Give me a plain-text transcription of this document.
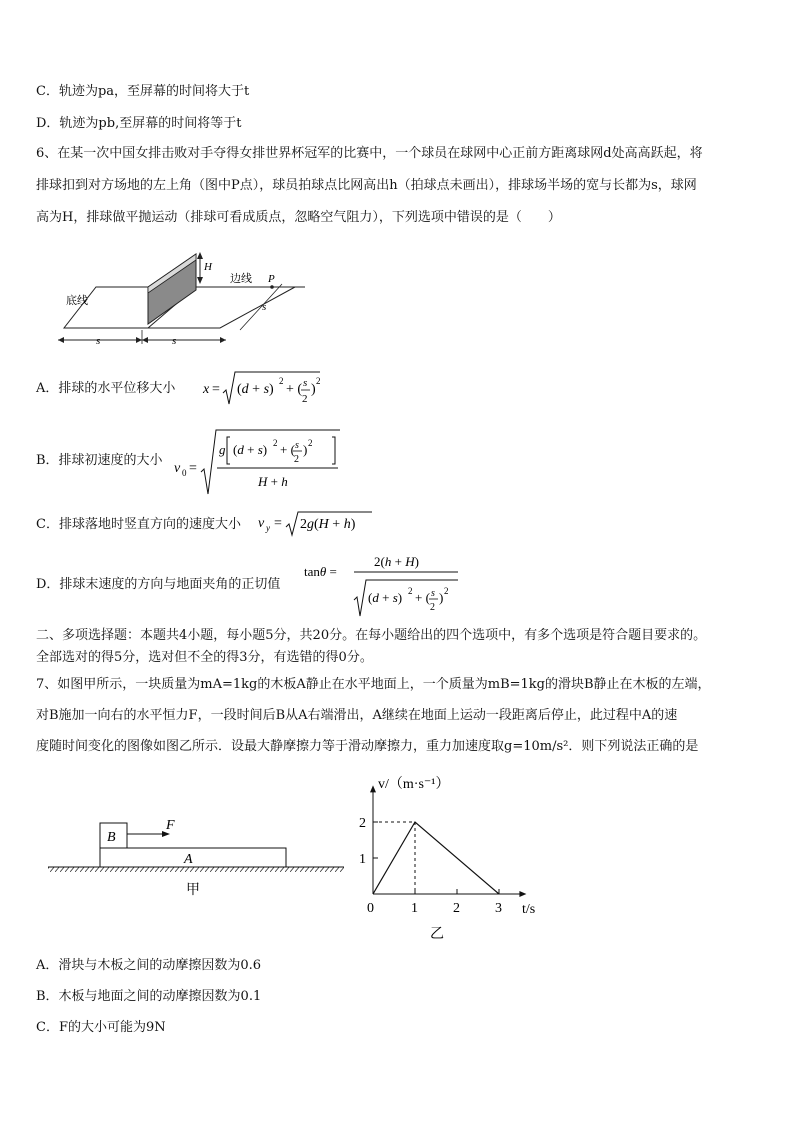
C．轨迹为pa，至屏幕的时间将大于t
D．轨迹为pb,至屏幕的时间将等于t
6、在某一次中国女排击败对手夺得女排世界杯冠军的比赛中，一个球员在球网中心正前方距离球网d处高高跃起，将
排球扣到对方场地的左上角（图中P点），球员拍球点比网高出h（拍球点未画出），排球场半场的宽与长都为s，球网
高为H，排球做平抛运动（排球可看成质点，忽略空气阻力），下列选项中错误的是（　　）
H
边线 P
底线	s
s	s
A．排球的水平位移大小 x = (d + s)
2
+ ( s
2
)
2
B．排球初速度的大小
v 0 =
g (d + s) 2 + ( s
2
) 2
H + h
C．排球落地时竖直方向的速度大小 v y = 2g(H + h)
D．排球末速度的方向与地面夹角的正切值
tanθ =
2(h + H)
(d + s) 2 + ( s
2
) 2
二、多项选择题：本题共4小题，每小题5分，共20分。在每小题给出的四个选项中，有多个选项是符合题目要求的。
全部选对的得5分，选对但不全的得3分，有选错的得0分。
7、如图甲所示，一块质量为mA=1kg的木板A静止在水平地面上，一个质量为mB=1kg的滑块B静止在木板的左端，
对B施加一向右的水平恒力F，一段时间后B从A右端滑出，A继续在地面上运动一段距离后停止，此过程中A的速
度随时间变化的图像如图乙所示．设最大静摩擦力等于滑动摩擦力，重力加速度取g=10m/s²．则下列说法正确的是
B
F
A
甲
v/（m·s⁻¹）
t/s
乙
0	1	2	3
1
2
A．滑块与木板之间的动摩擦因数为0.6
B．木板与地面之间的动摩擦因数为0.1
C．F的大小可能为9N
